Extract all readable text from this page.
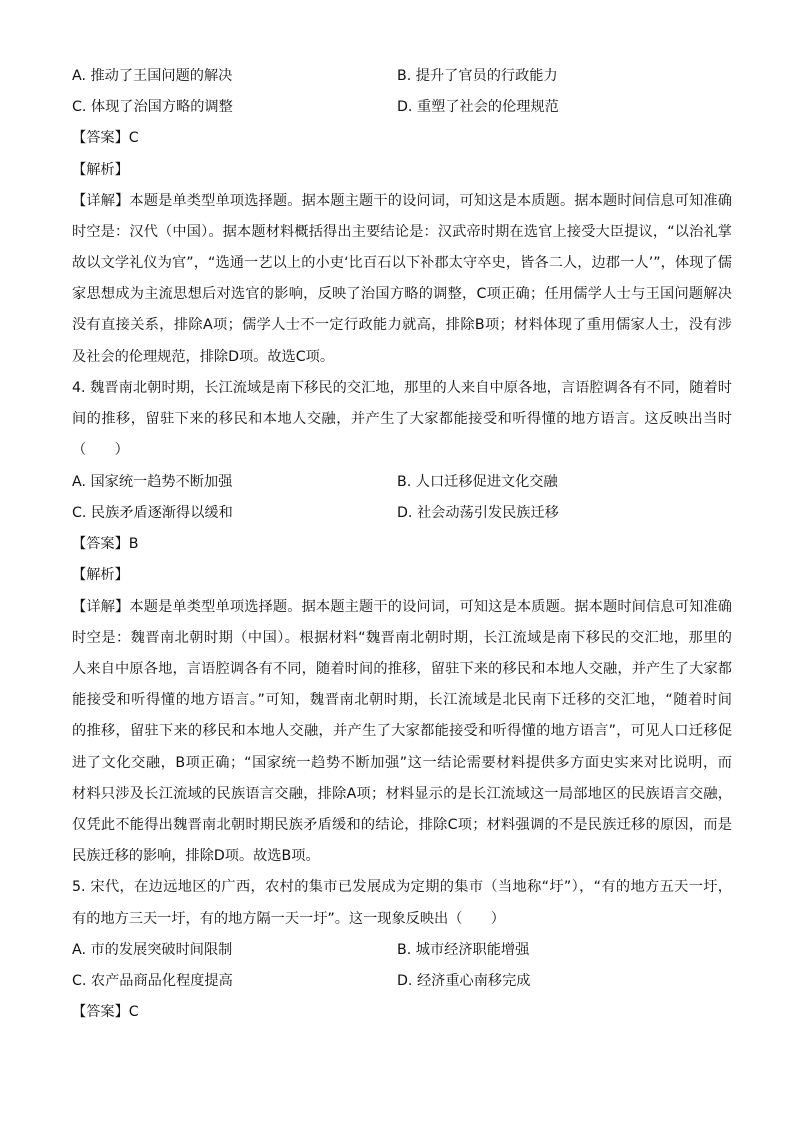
A. 推动了王国问题的解决	B. 提升了官员的行政能力
C. 体现了治国方略的调整	D. 重塑了社会的伦理规范
【答案】C
【解析】
【详解】本题是单类型单项选择题。据本题主题干的设问词，可知这是本质题。据本题时间信息可知准确
时空是：汉代（中国）。据本题材料概括得出主要结论是：汉武帝时期在选官上接受大臣提议，“以治礼掌
故以文学礼仪为官”，“选通一艺以上的小吏‘比百石以下补郡太守卒史，皆各二人，边郡一人’”，体现了儒
家思想成为主流思想后对选官的影响，反映了治国方略的调整，C项正确；任用儒学人士与王国问题解决
没有直接关系，排除A项；儒学人士不一定行政能力就高，排除B项；材料体现了重用儒家人士，没有涉
及社会的伦理规范，排除D项。故选C项。
4. 魏晋南北朝时期，长江流域是南下移民的交汇地，那里的人来自中原各地，言语腔调各有不同，随着时
间的推移，留驻下来的移民和本地人交融，并产生了大家都能接受和听得懂的地方语言。这反映出当时
（　　）
A. 国家统一趋势不断加强	B. 人口迁移促进文化交融
C. 民族矛盾逐渐得以缓和	D. 社会动荡引发民族迁移
【答案】B
【解析】
【详解】本题是单类型单项选择题。据本题主题干的设问词，可知这是本质题。据本题时间信息可知准确
时空是：魏晋南北朝时期（中国）。根据材料“魏晋南北朝时期，长江流域是南下移民的交汇地，那里的
人来自中原各地，言语腔调各有不同，随着时间的推移，留驻下来的移民和本地人交融，并产生了大家都
能接受和听得懂的地方语言。”可知，魏晋南北朝时期，长江流域是北民南下迁移的交汇地，“随着时间
的推移，留驻下来的移民和本地人交融，并产生了大家都能接受和听得懂的地方语言”，可见人口迁移促
进了文化交融，B项正确；“国家统一趋势不断加强”这一结论需要材料提供多方面史实来对比说明，而
材料只涉及长江流域的民族语言交融，排除A项；材料显示的是长江流域这一局部地区的民族语言交融，
仅凭此不能得出魏晋南北朝时期民族矛盾缓和的结论，排除C项；材料强调的不是民族迁移的原因，而是
民族迁移的影响，排除D项。故选B项。
5. 宋代，在边远地区的广西，农村的集市已发展成为定期的集市（当地称“圩”），“有的地方五天一圩，
有的地方三天一圩，有的地方隔一天一圩”。这一现象反映出（　　）
A. 市的发展突破时间限制	B. 城市经济职能增强
C. 农产品商品化程度提高	D. 经济重心南移完成
【答案】C
